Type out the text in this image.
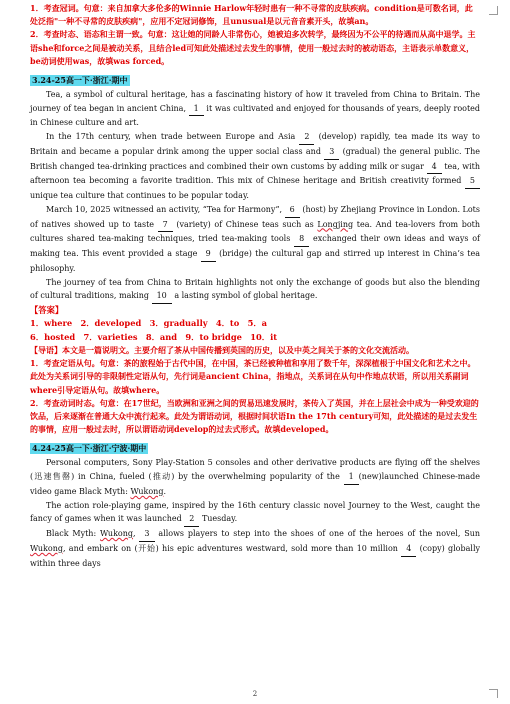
1．考查冠词。句意：来自加拿大多伦多的Winnie Harlow年轻时患有一种不寻常的皮肤疾病。condition是可数名词，此处泛指"一种不寻常的皮肤疾病"，应用不定冠词修饰，且unusual是以元音音素开头，故填an。

2．考查时态、语态和主谓一致。句意：这让她的同龄人非常伤心，她被迫多次转学，最终因为不公平的待遇而从高中退学。主语she和force之间是被动关系，且结合led可知此处描述过去发生的事情，使用一般过去时的被动语态，主语表示单数意义，be动词使用was，故填was forced。

3.24-25高一下·浙江·期中

Tea, a symbol of cultural heritage, has a fascinating history of how it traveled from China to Britain. The journey of tea began in ancient China, 1 it was cultivated and enjoyed for thousands of years, deeply rooted in Chinese culture and art.

In the 17th century, when trade between Europe and Asia 2 (develop) rapidly, tea made its way to Britain and became a popular drink among the upper social class and 3 (gradual) the general public. The British changed tea-drinking practices and combined their own customs by adding milk or sugar 4 tea, with afternoon tea becoming a favorite tradition. This mix of Chinese heritage and British creativity formed 5 unique tea culture that continues to be popular today.

March 10, 2025 witnessed an activity, “Tea for Harmony”, 6 (host) by Zhejiang Province in London. Lots of natives showed up to taste 7 (variety) of Chinese teas such as Longjing tea. And tea-lovers from both cultures shared tea-making techniques, tried tea-making tools 8 exchanged their own ideas and ways of making tea. This event provided a stage 9 (bridge) the cultural gap and stirred up interest in China’s tea philosophy.

The journey of tea from China to Britain highlights not only the exchange of goods but also the blending of cultural traditions, making 10 a lasting symbol of global heritage.

【答案】

1．where　2．developed　3．gradually　4．to　5．a

6．hosted　7．varieties　8．and　9．to bridge　10．it

【导语】本文是一篇说明文。主要介绍了茶从中国传播到英国的历史，以及中英之间关于茶的文化交流活动。

1．考查定语从句。句意：茶的旅程始于古代中国，在中国，茶已经被种植和享用了数千年，深深植根于中国文化和艺术之中。此处为关系词引导的非限制性定语从句，先行词是ancient China，指地点，关系词在从句中作地点状语，所以用关系副词where引导定语从句。故填where。

2．考查动词时态。句意：在17世纪，当欧洲和亚洲之间的贸易迅速发展时，茶传入了英国，并在上层社会中成为一种受欢迎的饮品，后来逐渐在普通大众中流行起来。此处为谓语动词，根据时间状语In the 17th century可知，此处描述的是过去发生的事情，应用一般过去时，所以谓语动词develop的过去式形式。故填developed。

4.24-25高一下·浙江·宁波·期中

Personal computers, Sony Play-Station 5 consoles and other derivative products are flying off the shelves (迅速售罄) in China, fueled (推动) by the overwhelming popularity of the 1 (new)launched Chinese-made video game Black Myth: Wukong.

The action role-playing game, inspired by the 16th century classic novel Journey to the West, caught the fancy of games when it was launched 2 Tuesday.

Black Myth: Wukong, 3 allows players to step into the shoes of one of the heroes of the novel, Sun Wukong, and embark on (开始) his epic adventures westward, sold more than 10 million 4 (copy) globally within three days

2
